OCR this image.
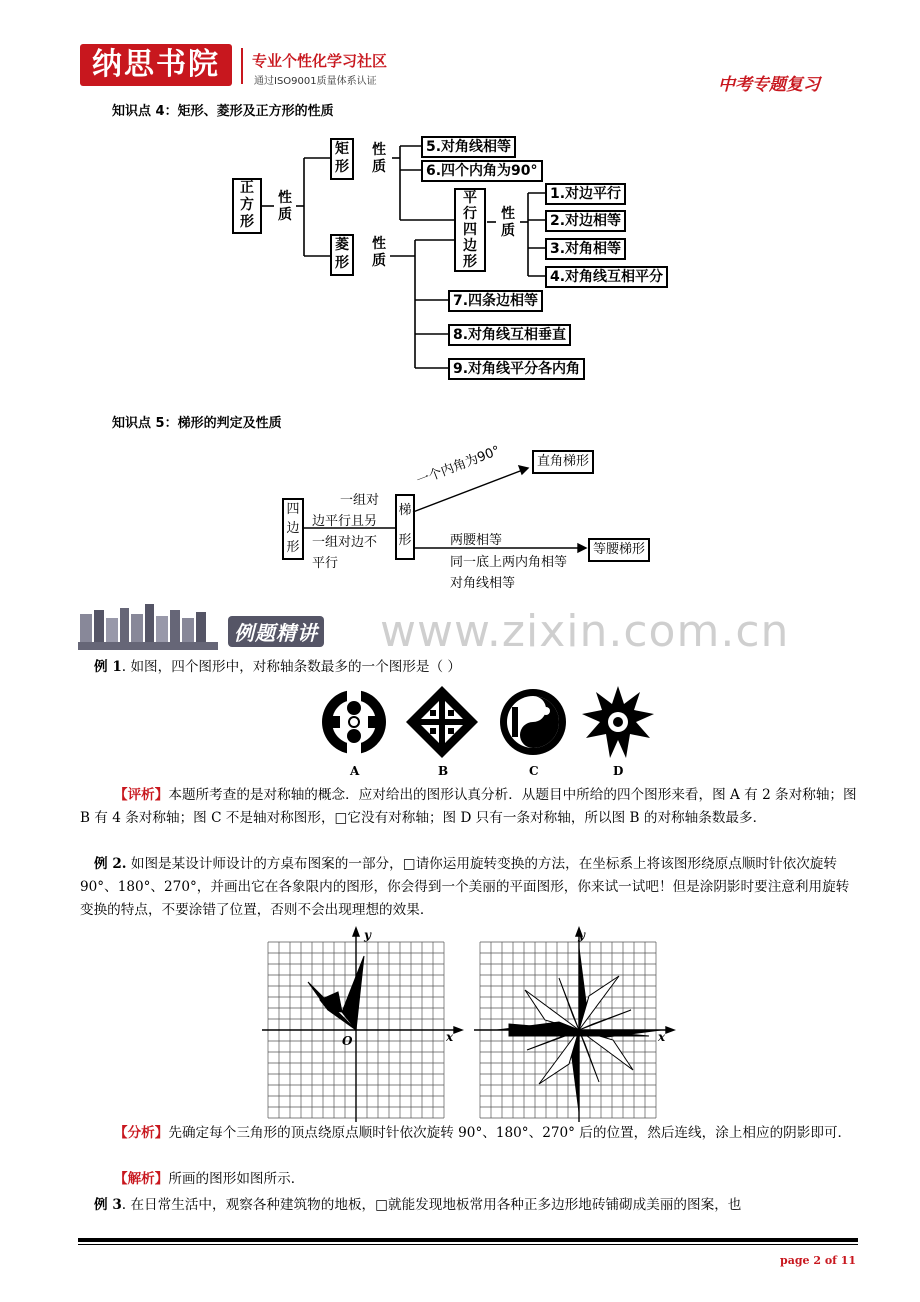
纳思书院	专业个性化学习社区
通过ISO9001质量体系认证	中考专题复习
知识点 4：矩形、菱形及正方形的性质
正方形
性质
矩形
性质
菱形
性质
5.对角线相等
6.四个内角为90°
平行四边形
性质
1.对边平行
2.对边相等
3.对角相等
4.对角线互相平分
7.四条边相等
8.对角线互相垂直
9.对角线平分各内角
知识点 5：梯形的判定及性质
四边形
一组对
边平行且另
一组对边不
平行
梯形
一个内角为90°	直角梯形
两腰相等
同一底上两内角相等
对角线相等
等腰梯形
例题精讲 www.zixin.com.cn
例 1. 如图，四个图形中，对称轴条数最多的一个图形是（ ）
A	B	C	D
【评析】本题所考查的是对称轴的概念．应对给出的图形认真分析．从题目中所给的四个图形来看，图 A 有 2 条对称轴；图 B 有 4 条对称轴；图 C 不是轴对称图形，□它没有对称轴；图 D 只有一条对称轴，所以图 B 的对称轴条数最多．
例 2. 如图是某设计师设计的方桌布图案的一部分，□请你运用旋转变换的方法，在坐标系上将该图形绕原点顺时针依次旋转 90°、180°、270°，并画出它在各象限内的图形，你会得到一个美丽的平面图形，你来试一试吧！但是涂阴影时要注意利用旋转变换的特点，不要涂错了位置，否则不会出现理想的效果．
y
x
O
y
x
【分析】先确定每个三角形的顶点绕原点顺时针依次旋转 90°、180°、270° 后的位置，然后连线，涂上相应的阴影即可．
【解析】所画的图形如图所示．
例 3. 在日常生活中，观察各种建筑物的地板，□就能发现地板常用各种正多边形地砖铺砌成美丽的图案，也
page 2 of 11
